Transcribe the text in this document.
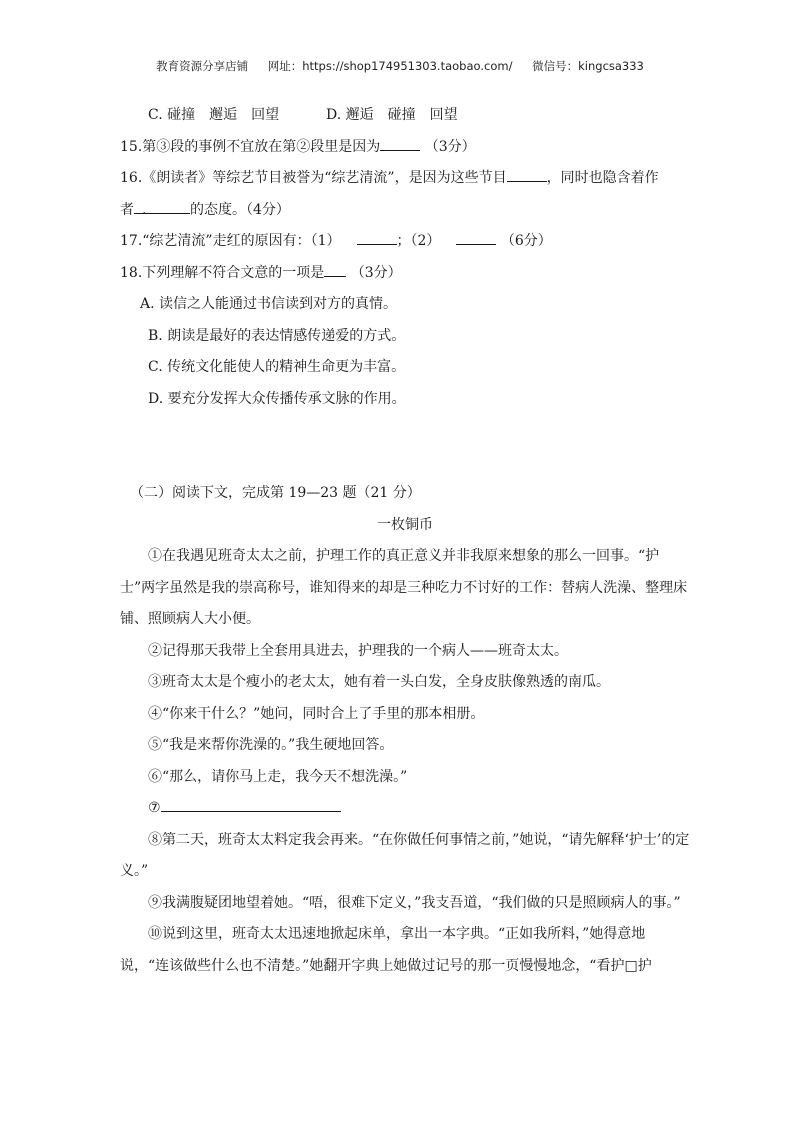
教育资源分享店铺 网址：https://shop174951303.taobao.com/ 微信号：kingcsa333

C. 碰撞　邂逅　回望	D. 邂逅　碰撞　回望

15.第③段的事例不宜放在第②段里是因为	（3分）

16.《朗读者》等综艺节目被誉为“综艺清流”，是因为这些节目	，同时也隐含着作

者 .	的态度。（4分）

17.“综艺清流”走红的原因有：（1）	；（2）	（6分）

18.下列理解不符合文意的一项是 （3分）

A. 读信之人能通过书信读到对方的真情。

B. 朗读是最好的表达情感传递爱的方式。

C. 传统文化能使人的精神生命更为丰富。

D. 要充分发挥大众传播传承文脉的作用。

（二）阅读下文，完成第 19—23 题（21 分）

一枚铜币

①在我遇见班奇太太之前，护理工作的真正意义并非我原来想象的那么一回事。“护士”两字虽然是我的崇高称号，谁知得来的却是三种吃力不讨好的工作：替病人洗澡、整理床铺、照顾病人大小便。

②记得那天我带上全套用具进去，护理我的一个病人——班奇太太。

③班奇太太是个瘦小的老太太，她有着一头白发，全身皮肤像熟透的南瓜。

④“你来干什么？”她问，同时合上了手里的那本相册。

⑤“我是来帮你洗澡的。”我生硬地回答。

⑥“那么，请你马上走，我今天不想洗澡。”

⑦

⑧第二天，班奇太太料定我会再来。“在你做任何事情之前，”她说，“请先解释‘护士’的定义。”

⑨我满腹疑团地望着她。“唔，很难下定义，”我支吾道，“我们做的只是照顾病人的事。”

⑩说到这里，班奇太太迅速地掀起床单，拿出一本字典。“正如我所料，”她得意地说，“连该做些什么也不清楚。”她翻开字典上她做过记号的那一页慢慢地念，“看护□护
